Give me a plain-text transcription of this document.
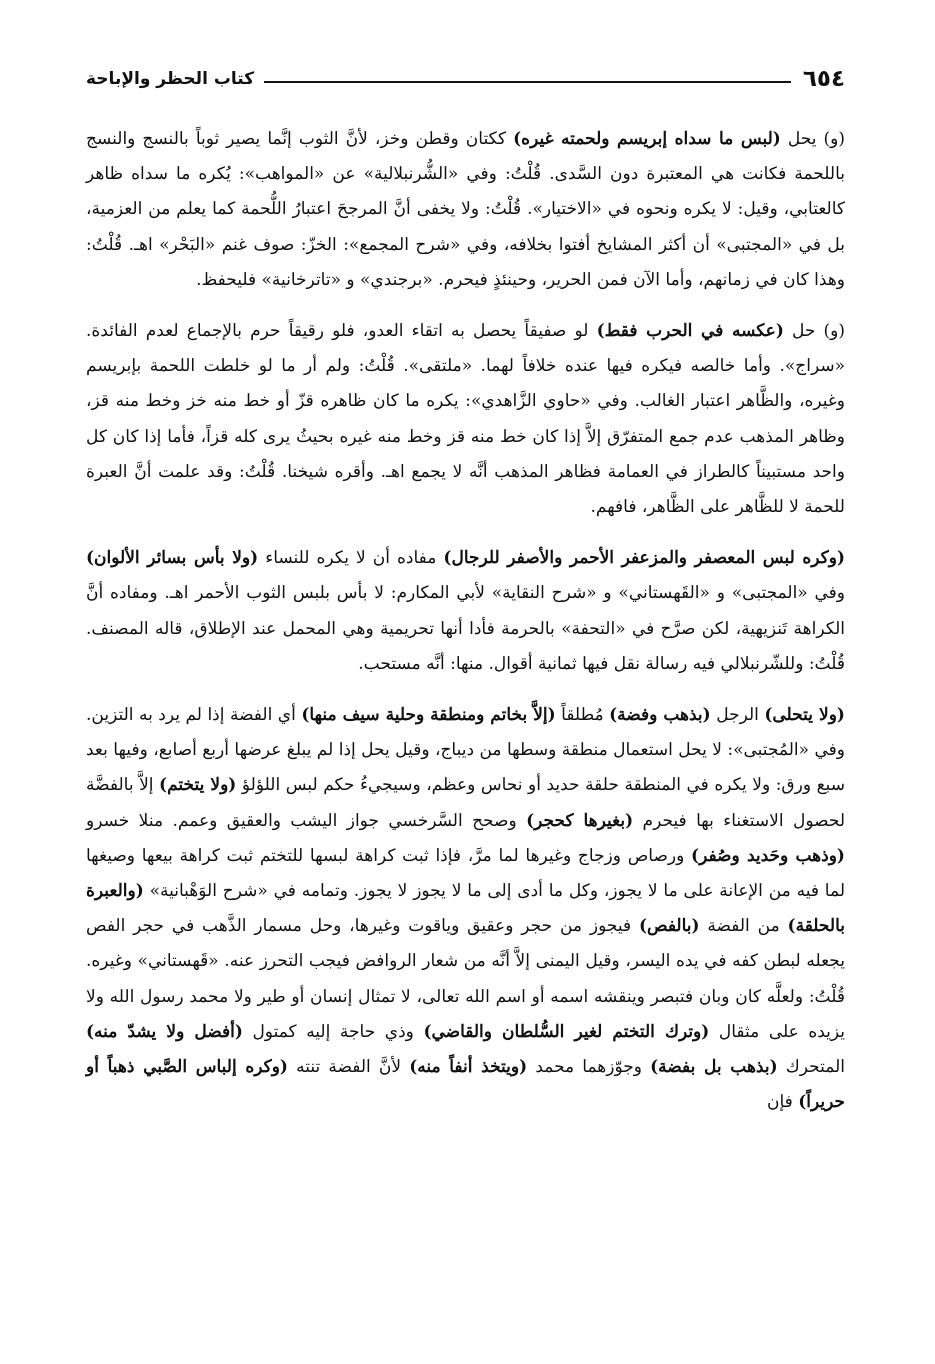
٦٥٤
كتاب الحظر والإباحة

(و) يحل (لبس ما سداه إبريسم ولحمته غيره) ككتان وقطن وخز، لأنَّ الثوب إنَّما يصير ثوباً بالنسج والنسج باللحمة فكانت هي المعتبرة دون السَّدى. قُلْتُ: وفي «الشُّرنبلالية» عن «المواهب»: يُكره ما سداه ظاهر كالعتابي، وقيل: لا يكره ونحوه في «الاختيار». قُلْتُ: ولا يخفى أنَّ المرجحَ اعتبارُ اللُّحمة كما يعلم من العزمية، بل في «المجتبى» أن أكثر المشايخ أفتوا بخلافه، وفي «شرح المجمع»: الخزّ: صوف غنم «البَحْر» اهـ. قُلْتُ: وهذا كان في زمانهم، وأما الآن فمن الحرير، وحينئذٍ فيحرم. «برجندي» و «تاترخانية» فليحفظ.

(و) حل (عكسه في الحرب فقط) لو صفيقاً يحصل به اتقاء العدو، فلو رقيقاً حرم بالإجماع لعدم الفائدة. «سراج». وأما خالصه فيكره فيها عنده خلافاً لهما. «ملتقى». قُلْتُ: ولم أر ما لو خلطت اللحمة بإبريسم وغيره، والظَّاهر اعتبار الغالب. وفي «حاوي الزَّاهدي»: يكره ما كان ظاهره قزّ أو خط منه خز وخط منه قز، وظاهر المذهب عدم جمع المتفرّق إلاَّ إذا كان خط منه قز وخط منه غيره بحيثُ يرى كله قزاً، فأما إذا كان كل واحد مستبيناً كالطراز في العمامة فظاهر المذهب أنَّه لا يجمع اهـ. وأقره شيخنا. قُلْتُ: وقد علمت أنَّ العبرة للحمة لا للظَّاهر على الظَّاهر، فافهم.

(وكره لبس المعصفر والمزعفر الأحمر والأصفر للرجال) مفاده أن لا يكره للنساء (ولا بأس بسائر الألوان) وفي «المجتبى» و «القَهستاني» و «شرح النقاية» لأبي المكارم: لا بأس بلبس الثوب الأحمر اهـ. ومفاده أنَّ الكراهة تَنزيهية، لكن صرَّح في «التحفة» بالحرمة فأدا أنها تحريمية وهي المحمل عند الإطلاق، قاله المصنف. قُلْتُ: وللشّرنبلالي فيه رسالة نقل فيها ثمانية أقوال. منها: أنَّه مستحب.

(ولا يتحلى) الرجل (بذهب وفضة) مُطلقاً (إلاَّ بخاتم ومنطقة وحلية سيف منها) أي الفضة إذا لم يرد به التزين. وفي «المُجتبى»: لا يحل استعمال منطقة وسطها من ديباج، وقيل يحل إذا لم يبلغ عرضها أربع أصابع، وفيها بعد سبع ورق: ولا يكره في المنطقة حلقة حديد أو نحاس وعظم، وسيجيءُ حكم لبس اللؤلؤ (ولا يتختم) إلاَّ بالفضَّة لحصول الاستغناء بها فيحرم (بغيرها كحجر) وصحح السَّرخسي جواز اليشب والعقيق وعمم. منلا خسرو (وذهب وحَديد وصُفر) ورصاص وزجاج وغيرها لما مرَّ، فإذا ثبت كراهة لبسها للتختم ثبت كراهة بيعها وصيغها لما فيه من الإعانة على ما لا يجوز، وكل ما أدى إلى ما لا يجوز لا يجوز. وتمامه في «شرح الوَهْبانية» (والعبرة بالحلقة) من الفضة (بالفص) فيجوز من حجر وعقيق وياقوت وغيرها، وحل مسمار الذَّهب في حجر الفص يجعله لبطن كفه في يده اليسر، وقيل اليمنى إلاَّ أنَّه من شعار الروافض فيجب التحرز عنه. «قَهستاني» وغيره. قُلْتُ: ولعلَّه كان وبان فتبصر وينقشه اسمه أو اسم الله تعالى، لا تمثال إنسان أو طير ولا محمد رسول الله ولا يزيده على مثقال (وترك التختم لغير السُّلطان والقاضي) وذي حاجة إليه كمتول (أفضل ولا يشدّ منه) المتحرك (بذهب بل بفضة) وجوّزهما محمد (ويتخذ أنفاً منه) لأنَّ الفضة تنته (وكره إلباس الصَّبي ذهباً أو حريراً) فإن
